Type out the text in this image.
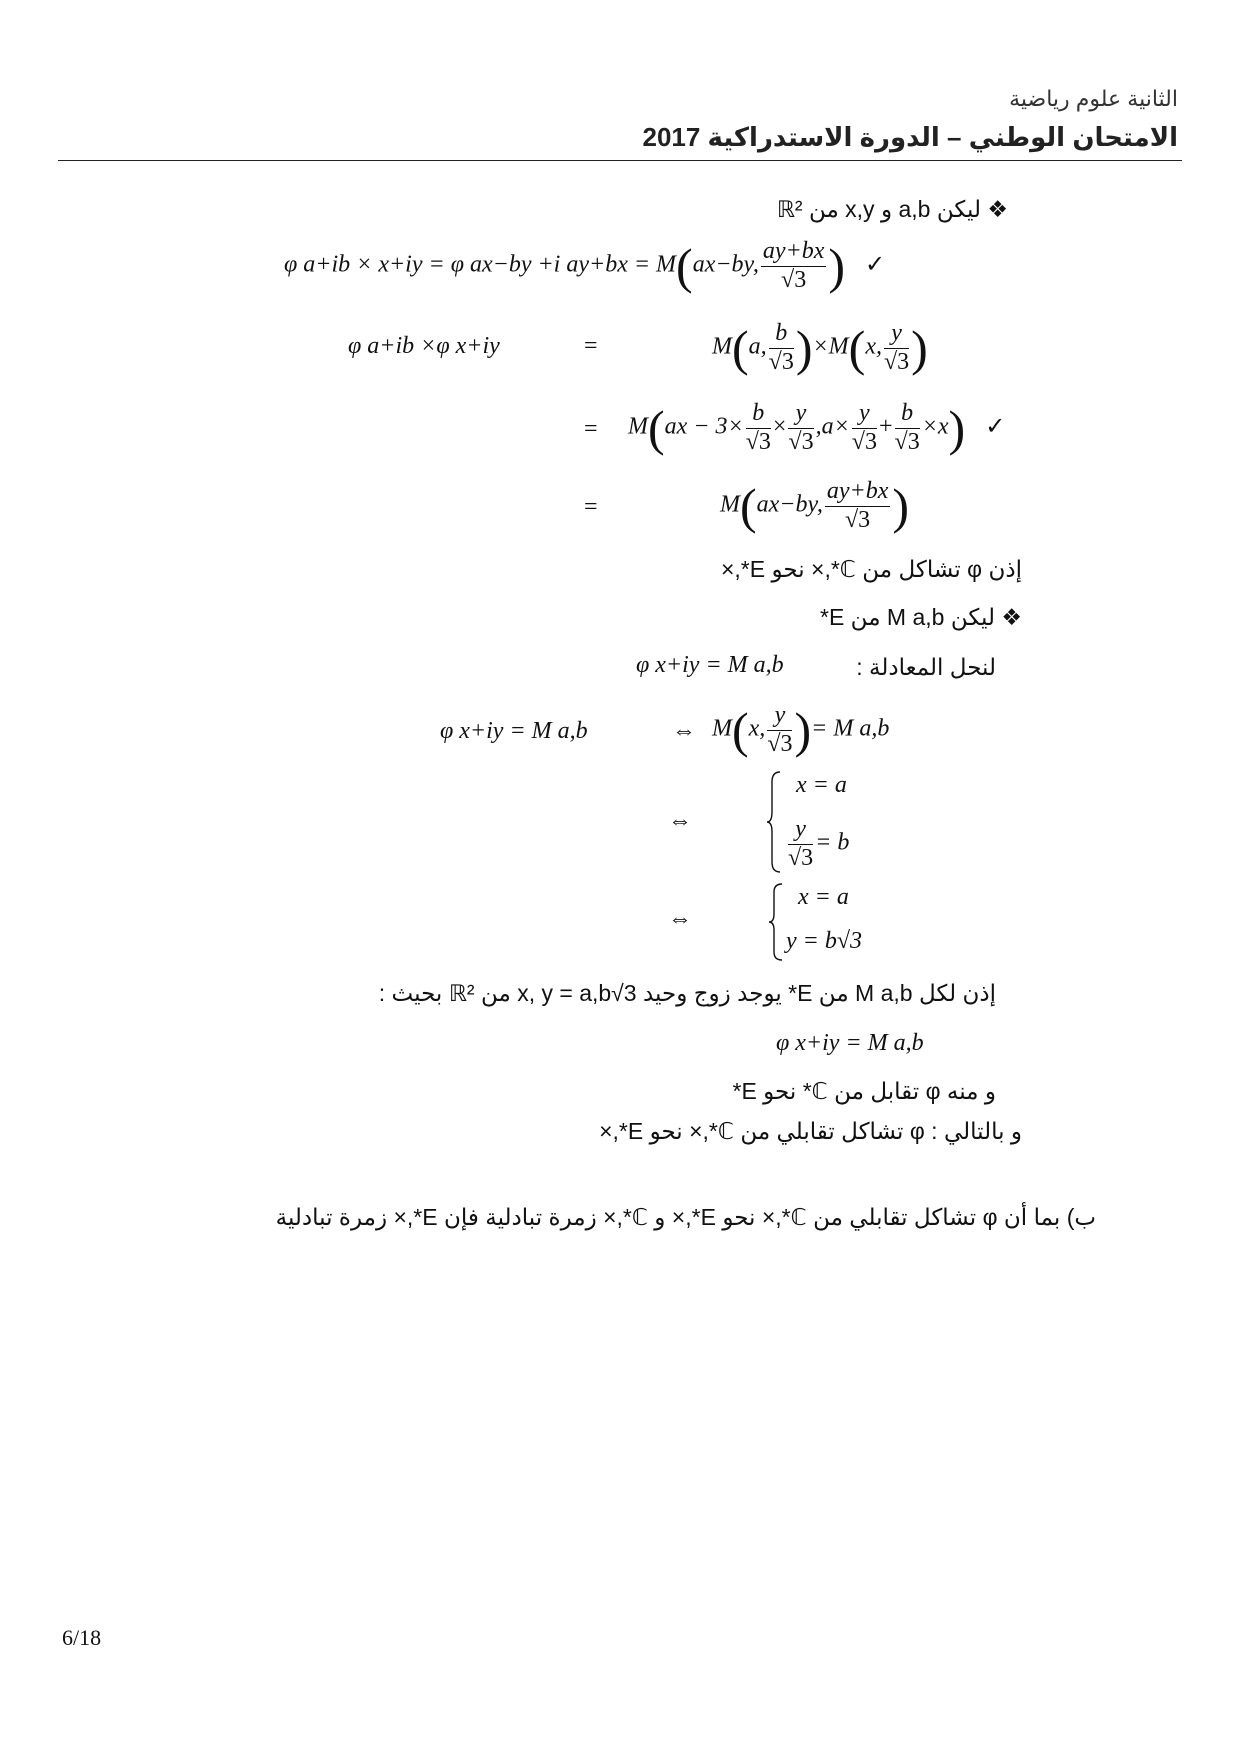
الثانية علوم رياضية
الامتحان الوطني – الدورة الاستدراكية 2017
❖ ليكن a,b و x,y من ℝ²
φ a+ib × x+iy = φ ax−by +i ay+bx = M(ax−by, $\frac{ay+bx}{√3}$ ) ✓
φ a+ib ×φ x+iy	=	M(a, $\frac{b}{√3} )\times M(x$, $\frac{y}{√3}$ )
= $M(ax - 3\times \frac{b}{√3} \times \frac{y}{√3} ,a\times \frac{y}{√3} + \frac{b}{√3} \times x)$ ✓
=	M(ax−by, $\frac{ay+bx}{√3}$ )
إذن φ تشاكل من ℂ*,× نحو E*,×
❖ ليكن M a,b من E*
لنحل المعادلة :
φ x+iy = M a,b
φ x+iy = M a,b	⇔ M(x, $\frac{y}{√3}$ )= M a,b
⇔
x = a
$\frac{y}{√3} = b$
⇔
x = a
y = b√3
إذن لكل M a,b من E* يوجد زوج وحيد x, y = a,b√3 من ℝ² بحيث :
φ x+iy = M a,b
و منه φ تقابل من ℂ* نحو E*
و بالتالي : φ تشاكل تقابلي من ℂ*,× نحو E*,×
ب) بما أن φ تشاكل تقابلي من ℂ*,× نحو E*,× و ℂ*,× زمرة تبادلية فإن E*,× زمرة تبادلية
6/18
